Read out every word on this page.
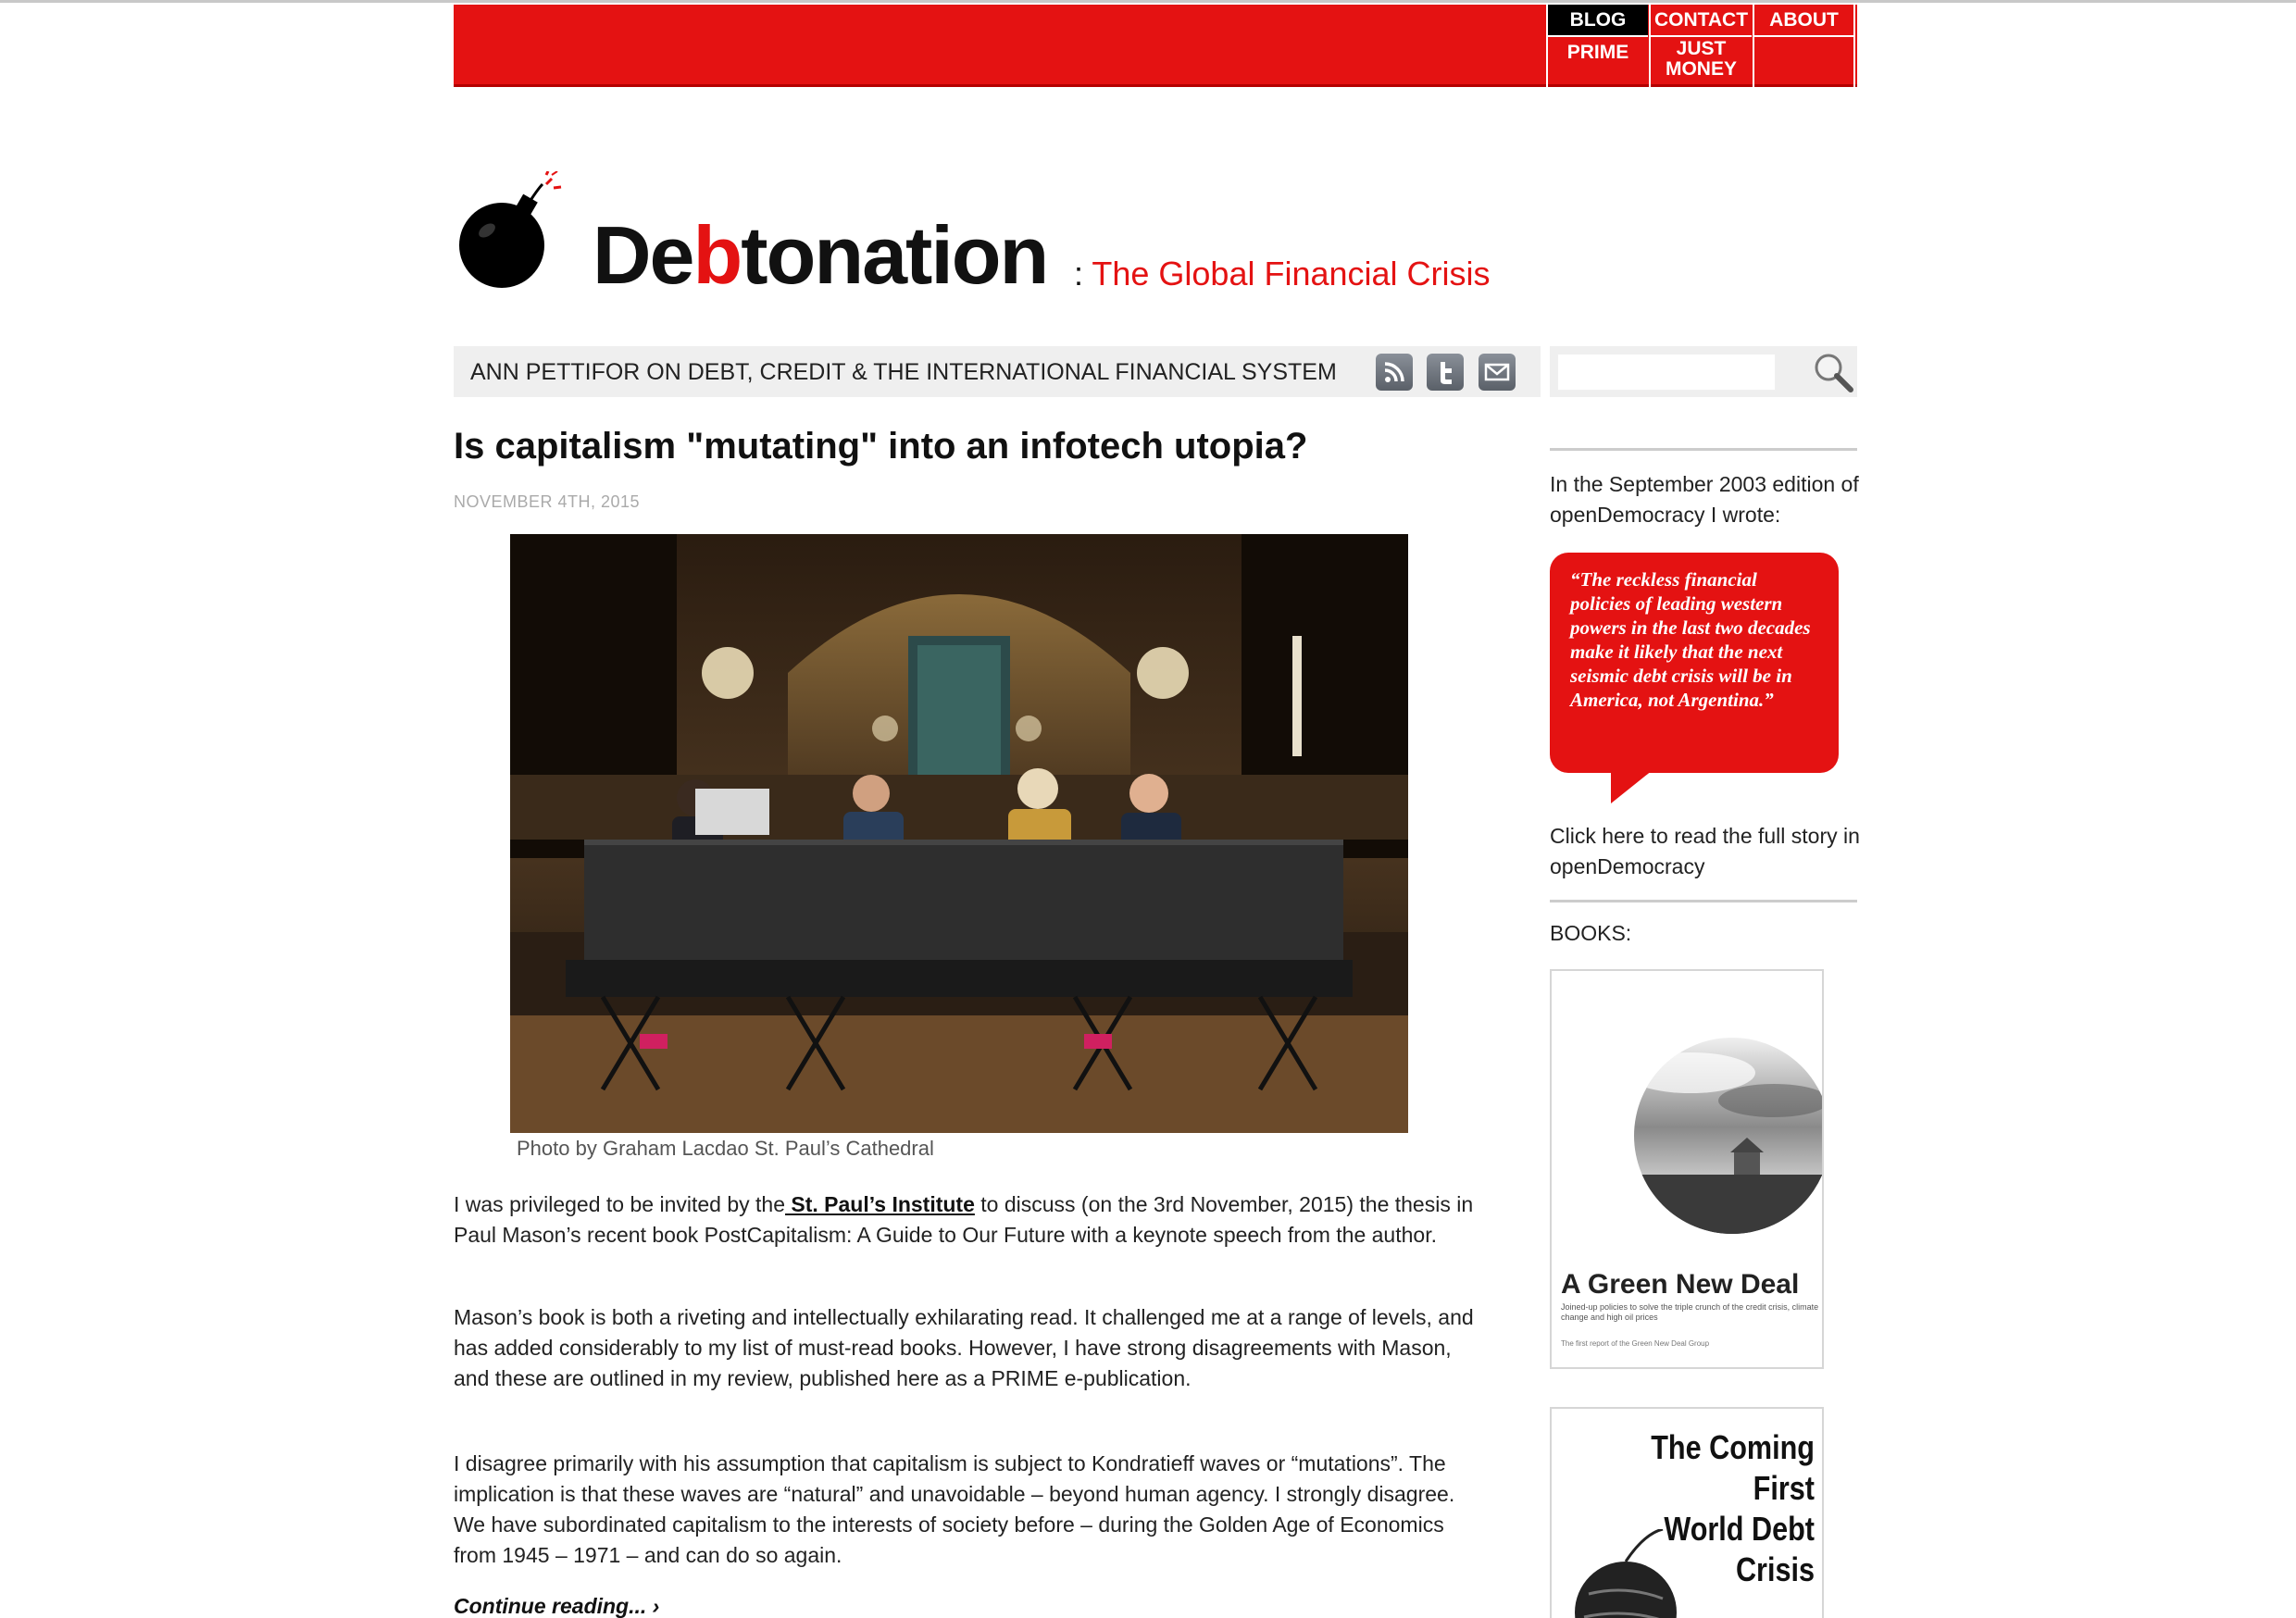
BLOG
PRIME
CONTACT
JUST
MONEY
ABOUT
Debtonation : The Global Financial Crisis
ANN PETTIFOR ON DEBT, CREDIT & THE INTERNATIONAL FINANCIAL SYSTEM
Is capitalism "mutating" into an infotech utopia?
NOVEMBER 4TH, 2015
Photo by Graham Lacdao St. Paul’s Cathedral
I was privileged to be invited by the St. Paul’s Institute to discuss (on the 3rd November, 2015) the thesis in Paul Mason’s recent book PostCapitalism: A Guide to Our Future with a keynote speech from the author.
Mason’s book is both a riveting and intellectually exhilarating read. It challenged me at a range of levels, and has added considerably to my list of must-read books. However, I have strong disagreements with Mason, and these are outlined in my review, published here as a PRIME e-publication.
I disagree primarily with his assumption that capitalism is subject to Kondratieff waves or “mutations”. The implication is that these waves are “natural” and unavoidable – beyond human agency. I strongly disagree. We have subordinated capitalism to the interests of society before – during the Golden Age of Economics from 1945 – 1971 – and can do so again.
Continue reading... ›
In the September 2003 edition of openDemocracy I wrote:
“The reckless financial policies of leading western powers in the last two decades make it likely that the next seismic debt crisis will be in America, not Argentina.”
Click here to read the full story in openDemocracy
BOOKS:
A Green New Deal
Joined-up policies to solve the triple crunch of the credit crisis, climate change and high oil prices
The first report of the Green New Deal Group
The Coming First
World Debt Crisis
